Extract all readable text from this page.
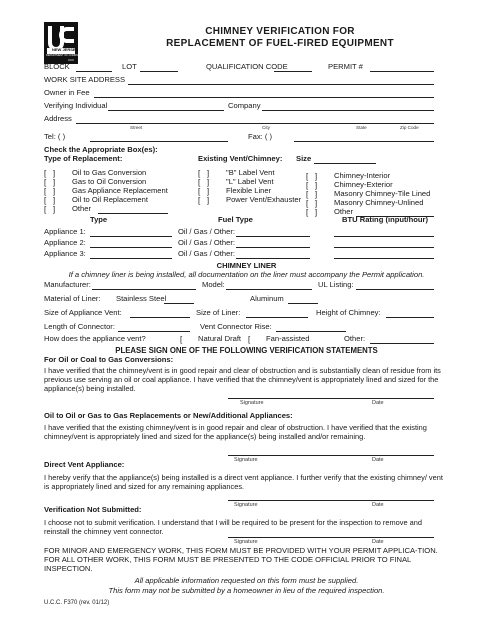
NEW JERSEY
DEPARTMENT OF COMMUNITY AFFAIRS
UCC
CHIMNEY VERIFICATION FOR
REPLACEMENT OF FUEL-FIRED EQUIPMENT
BLOCK	LOT	QUALIFICATION CODE	PERMIT #
WORK SITE ADDRESS
Owner in Fee
Verifying Individual	Company
Address
Street	City	State	Zip Code
Tel: ( )	Fax: ( )
Check the Appropriate Box(es):
Type of Replacement:	Existing Vent/Chimney: Size
[   ] Oil to Gas Conversion
[   ] Gas to Oil Conversion
[   ] Gas Appliance Replacement
[   ] Oil to Oil Replacement
[   ] Other
[   ] "B" Label Vent
[   ] "L" Label Vent
[   ] Flexible Liner
[   ] Power Vent/Exhauster
[   ] Chimney-Interior
[   ] Chimney-Exterior
[   ] Masonry Chimney-Tile Lined
[   ] Masonry Chimney-Unlined
[   ] Other
Type	Fuel Type	BTU Rating (input/hour)
Appliance 1:	Oil / Gas / Other:
Appliance 2:	Oil / Gas / Other:
Appliance 3:	Oil / Gas / Other:
CHIMNEY LINER
If a chimney liner is being installed, all documentation on the liner must accompany the Permit application.
Manufacturer:	Model:	UL Listing:
Material of Liner: Stainless Steel	Aluminum
Size of Appliance Vent:	Size of Liner:	Height of Chimney:
Length of Connector:	Vent Connector Rise:
How does the appliance vent?	[ Natural Draft [ Fan-assisted	Other:
PLEASE SIGN ONE OF THE FOLLOWING VERIFICATION STATEMENTS
For Oil or Coal to Gas Conversions:
I have verified that the chimney/vent is in good repair and clear of obstruction and is substantially clean of residue from its previous use serving an oil or coal appliance. I have verified that the chimney/vent is appropriately lined and sized for the appliance(s) being installed.
Signature	Date
Oil to Oil or Gas to Gas Replacements or New/Additional Appliances:
I have verified that the existing chimney/vent is in good repair and clear of obstruction. I have verified that the existing chimney/vent is appropriately lined and sized for the appliance(s) being installed and/or remaining.
Signature	Date
Direct Vent Appliance:
I hereby verify that the appliance(s) being installed is a direct vent appliance. I further verify that the existing chimney/ vent is appropriately lined and sized for any remaining appliances.
Signature	Date
Verification Not Submitted:
I choose not to submit verification. I understand that I will be required to be present for the inspection to remove and reinstall the chimney vent connector.
Signature	Date
FOR MINOR AND EMERGENCY WORK, THIS FORM MUST BE PROVIDED WITH YOUR PERMIT APPLICA-TION. FOR ALL OTHER WORK, THIS FORM MUST BE PRESENTED TO THE CODE OFFICIAL PRIOR TO FINAL INSPECTION.
All applicable information requested on this form must be supplied.
This form may not be submitted by a homeowner in lieu of the required inspection.
U.C.C. F370 (rev. 01/12)
